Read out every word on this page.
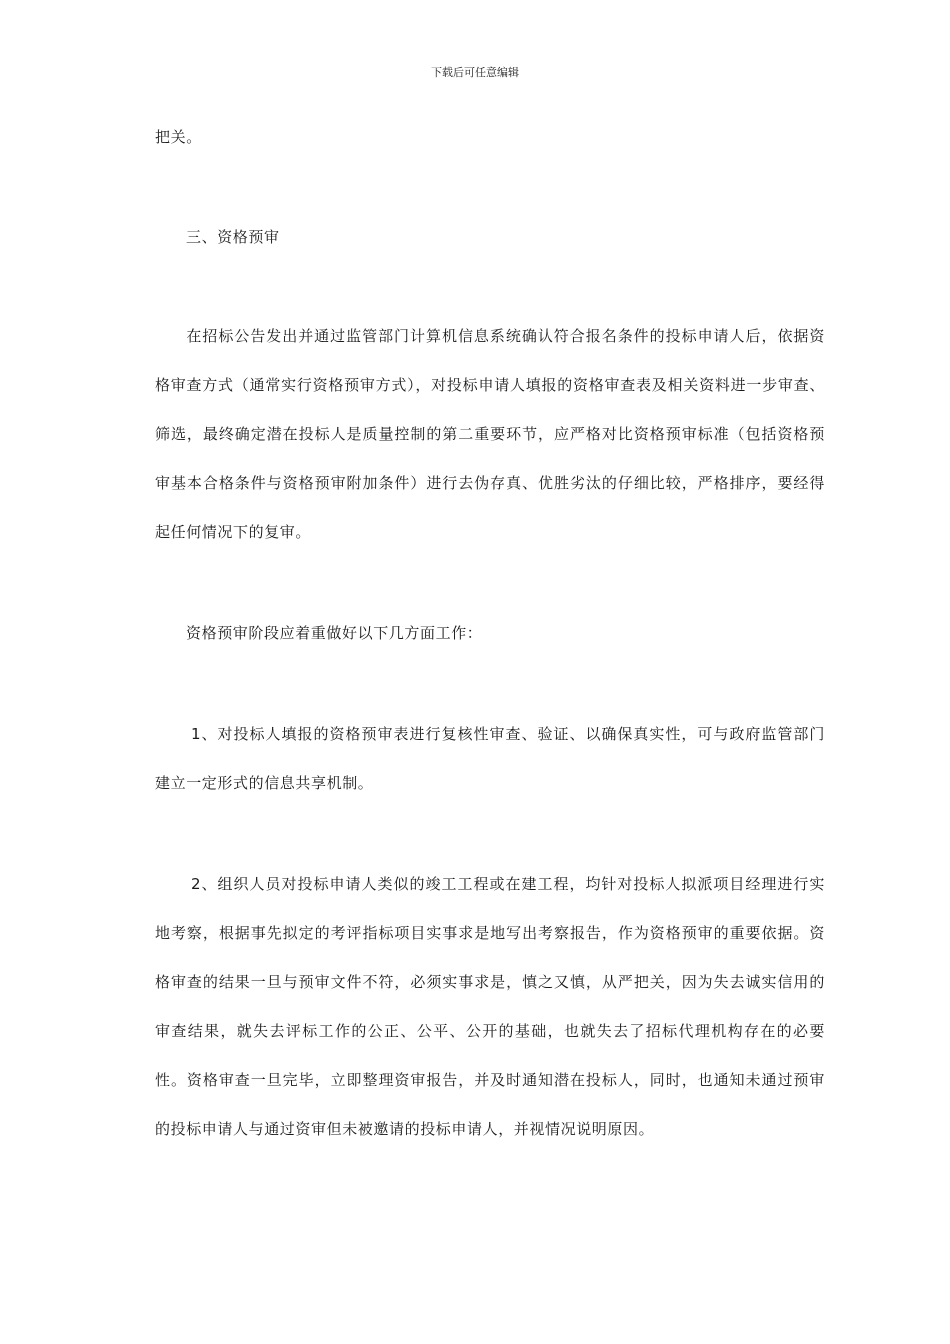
下载后可任意编辑

把关。

三、资格预审

在招标公告发出并通过监管部门计算机信息系统确认符合报名条件的投标申请人后，依据资格审查方式（通常实行资格预审方式），对投标申请人填报的资格审查表及相关资料进一步审查、筛选，最终确定潜在投标人是质量控制的第二重要环节，应严格对比资格预审标准（包括资格预审基本合格条件与资格预审附加条件）进行去伪存真、优胜劣汰的仔细比较，严格排序，要经得起任何情况下的复审。

资格预审阶段应着重做好以下几方面工作：

1、对投标人填报的资格预审表进行复核性审查、验证、以确保真实性，可与政府监管部门建立一定形式的信息共享机制。

2、组织人员对投标申请人类似的竣工工程或在建工程，均针对投标人拟派项目经理进行实地考察，根据事先拟定的考评指标项目实事求是地写出考察报告，作为资格预审的重要依据。资格审查的结果一旦与预审文件不符，必须实事求是，慎之又慎，从严把关，因为失去诚实信用的审查结果，就失去评标工作的公正、公平、公开的基础，也就失去了招标代理机构存在的必要性。资格审查一旦完毕，立即整理资审报告，并及时通知潜在投标人，同时，也通知未通过预审的投标申请人与通过资审但未被邀请的投标申请人，并视情况说明原因。
